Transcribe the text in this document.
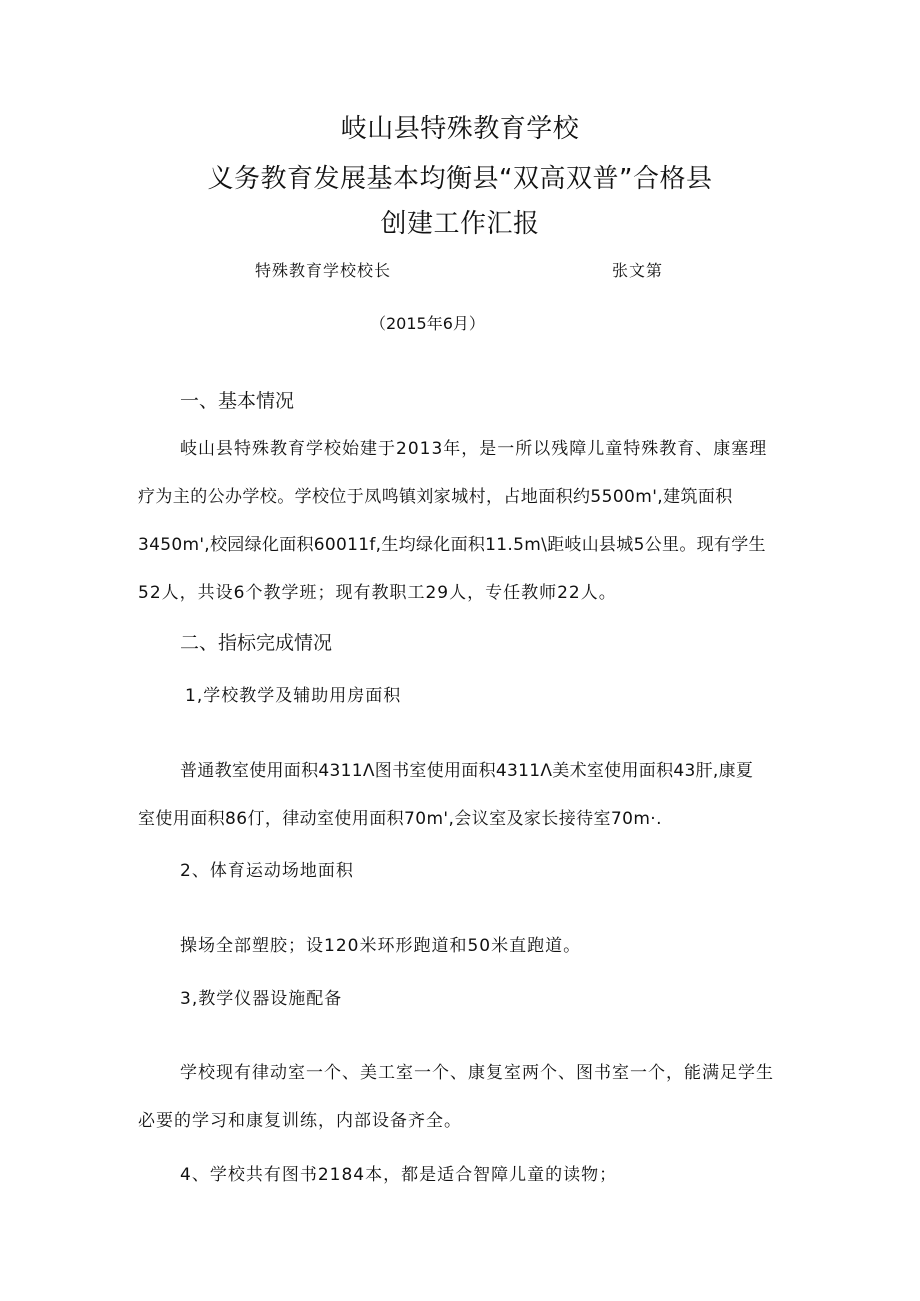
岐山县特殊教育学校
义务教育发展基本均衡县“双高双普”合格县
创建工作汇报
特殊教育学校校长	张文第
（2015年6月）
一、基本情况
岐山县特殊教育学校始建于2013年，是一所以残障儿童特殊教育、康塞理
疗为主的公办学校。学校位于凤鸣镇刘家城村，占地面积约5500m',建筑面积
3450m',校园绿化面积60011f,生均绿化面积11.5m\距岐山县城5公里。现有学生
52人，共设6个教学班；现有教职工29人，专任教师22人。
二、指标完成情况
1,学校教学及辅助用房面积
普通教室使用面积4311Λ图书室使用面积4311Λ美术室使用面积43肝,康夏
室使用面积86仃，律动室使用面积70m',会议室及家长接待室70m·.
2、体育运动场地面积
操场全部塑胶；设120米环形跑道和50米直跑道。
3,教学仪器设施配备
学校现有律动室一个、美工室一个、康复室两个、图书室一个，能满足学生
必要的学习和康复训练，内部设备齐全。
4、学校共有图书2184本，都是适合智障儿童的读物；
